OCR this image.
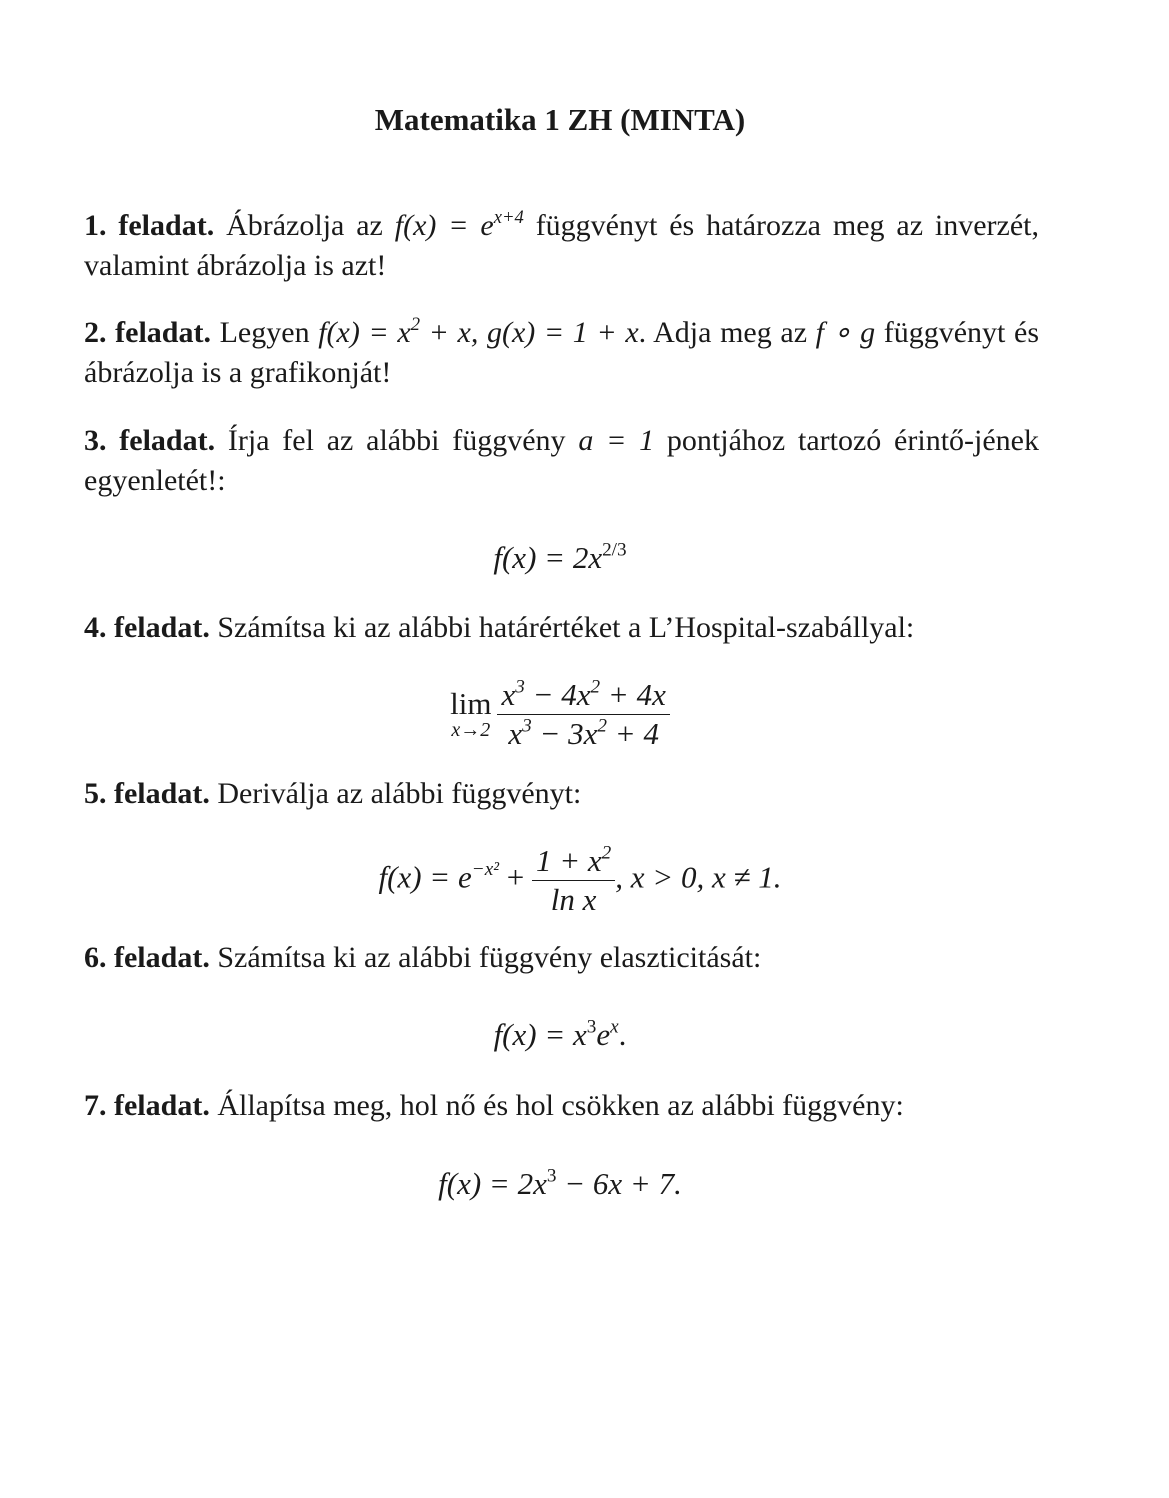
Matematika 1 ZH (MINTA)
1. feladat. Ábrázolja az $f(x) = e^{x+4}$ függvényt és határozza meg az inverzét, valamint ábrázolja is azt!
2. feladat. Legyen $f(x) = x^2 + x$, g(x) = 1 + x. Adja meg az f ∘ g függvényt és ábrázolja is a grafikonját!
3. feladat. Írja fel az alábbi függvény a = 1 pontjához tartozó érintő-jének egyenletét!:
$f(x) = 2x^{2/3}$
4. feladat. Számítsa ki az alábbi határértéket a L’Hospital-szabállyal:
lim
$x\to 2 \frac{x^3 - 4x^2 + 4x}{x^3 - 3x^2 + 4}$
5. feladat. Deriválja az alábbi függvényt:
$f(x) = e^{-x^2} + \frac{1 + x^2}{\text{ln x}}$ , x > 0, x ≠ 1.
6. feladat. Számítsa ki az alábbi függvény elaszticitását:
$f(x) = x^3e^x$.
7. feladat. Állapítsa meg, hol nő és hol csökken az alábbi függvény:
$f(x) = 2x^3 - 6x + 7$.
